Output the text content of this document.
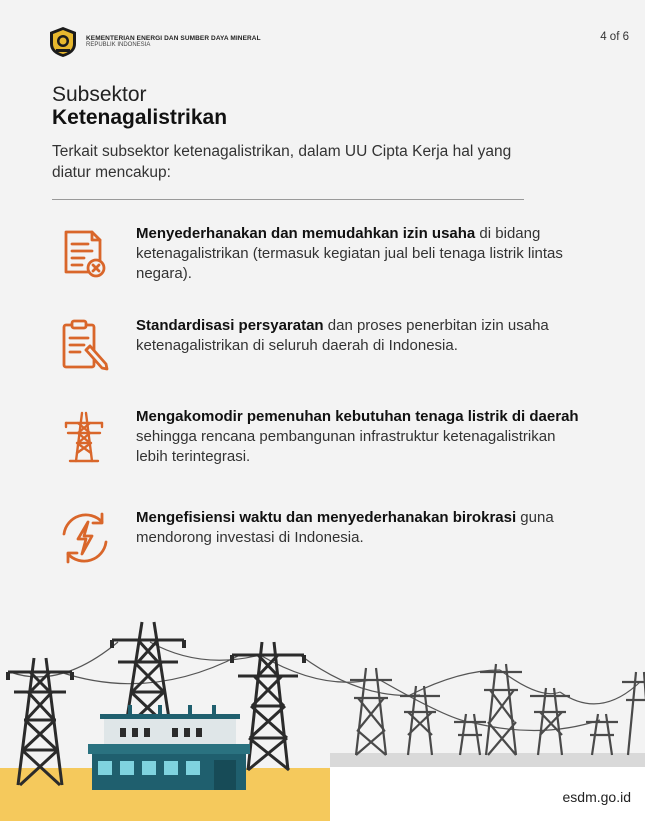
KEMENTERIAN ENERGI DAN SUMBER DAYA MINERAL
REPUBLIK INDONESIA
4 of 6
Subsektor
Ketenagalistrikan
Terkait subsektor ketenagalistrikan, dalam UU Cipta Kerja hal yang diatur mencakup:
Menyederhanakan dan memudahkan izin usaha di bidang ketenagalistrikan (termasuk kegiatan jual beli tenaga listrik lintas negara).
Standardisasi persyaratan dan proses penerbitan izin usaha ketenagalistrikan di seluruh daerah di Indonesia.
Mengakomodir pemenuhan kebutuhan tenaga listrik di daerah sehingga rencana pembangunan infrastruktur ketenagalistrikan lebih terintegrasi.
Mengefisiensi waktu dan menyederhanakan birokrasi guna mendorong investasi di Indonesia.
esdm.go.id
